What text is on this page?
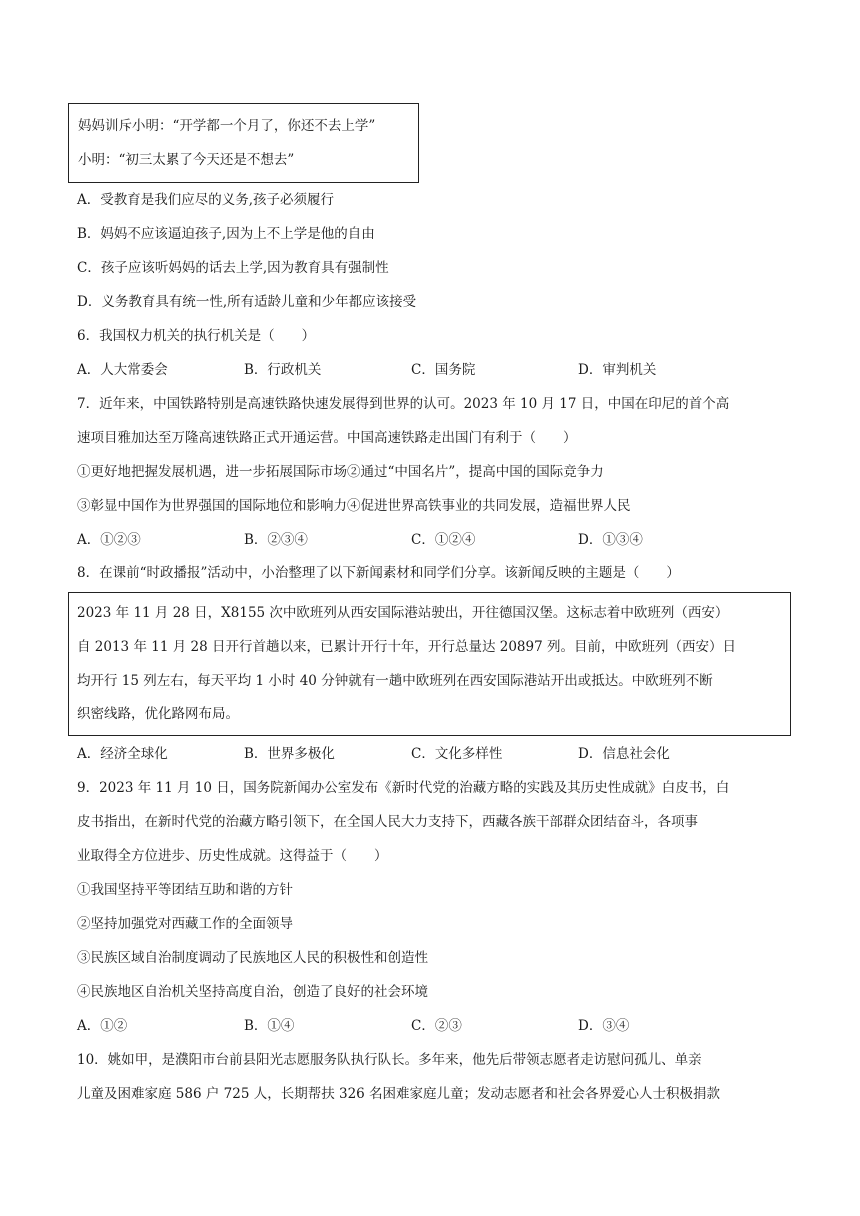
妈妈训斥小明：“开学都一个月了，你还不去上学”
小明：“初三太累了今天还是不想去”
A．受教育是我们应尽的义务,孩子必须履行
B．妈妈不应该逼迫孩子,因为上不上学是他的自由
C．孩子应该听妈妈的话去上学,因为教育具有强制性
D．义务教育具有统一性,所有适龄儿童和少年都应该接受
6．我国权力机关的执行机关是（　　）
A．人大常委会	B．行政机关	C．国务院	D．审判机关
7．近年来，中国铁路特别是高速铁路快速发展得到世界的认可。2023 年 10 月 17 日，中国在印尼的首个高
速项目雅加达至万隆高速铁路正式开通运营。中国高速铁路走出国门有利于（　　）
①更好地把握发展机遇，进一步拓展国际市场②通过“中国名片”，提高中国的国际竞争力
③彰显中国作为世界强国的国际地位和影响力④促进世界高铁事业的共同发展，造福世界人民
A．①②③	B．②③④	C．①②④	D．①③④
8．在课前“时政播报”活动中，小治整理了以下新闻素材和同学们分享。该新闻反映的主题是（　　）
2023 年 11 月 28 日，X8155 次中欧班列从西安国际港站驶出，开往德国汉堡。这标志着中欧班列（西安）
自 2013 年 11 月 28 日开行首趟以来，已累计开行十年，开行总量达 20897 列。目前，中欧班列（西安）日
均开行 15 列左右，每天平均 1 小时 40 分钟就有一趟中欧班列在西安国际港站开出或抵达。中欧班列不断
织密线路，优化路网布局。
A．经济全球化	B．世界多极化	C．文化多样性	D．信息社会化
9．2023 年 11 月 10 日，国务院新闻办公室发布《新时代党的治藏方略的实践及其历史性成就》白皮书，白
皮书指出，在新时代党的治藏方略引领下，在全国人民大力支持下，西藏各族干部群众团结奋斗，各项事
业取得全方位进步、历史性成就。这得益于（　　）
①我国坚持平等团结互助和谐的方针
②坚持加强党对西藏工作的全面领导
③民族区域自治制度调动了民族地区人民的积极性和创造性
④民族地区自治机关坚持高度自治，创造了良好的社会环境
A．①②	B．①④	C．②③	D．③④
10．姚如甲，是濮阳市台前县阳光志愿服务队执行队长。多年来，他先后带领志愿者走访慰问孤儿、单亲
儿童及困难家庭 586 户 725 人，长期帮扶 326 名困难家庭儿童；发动志愿者和社会各界爱心人士积极捐款
